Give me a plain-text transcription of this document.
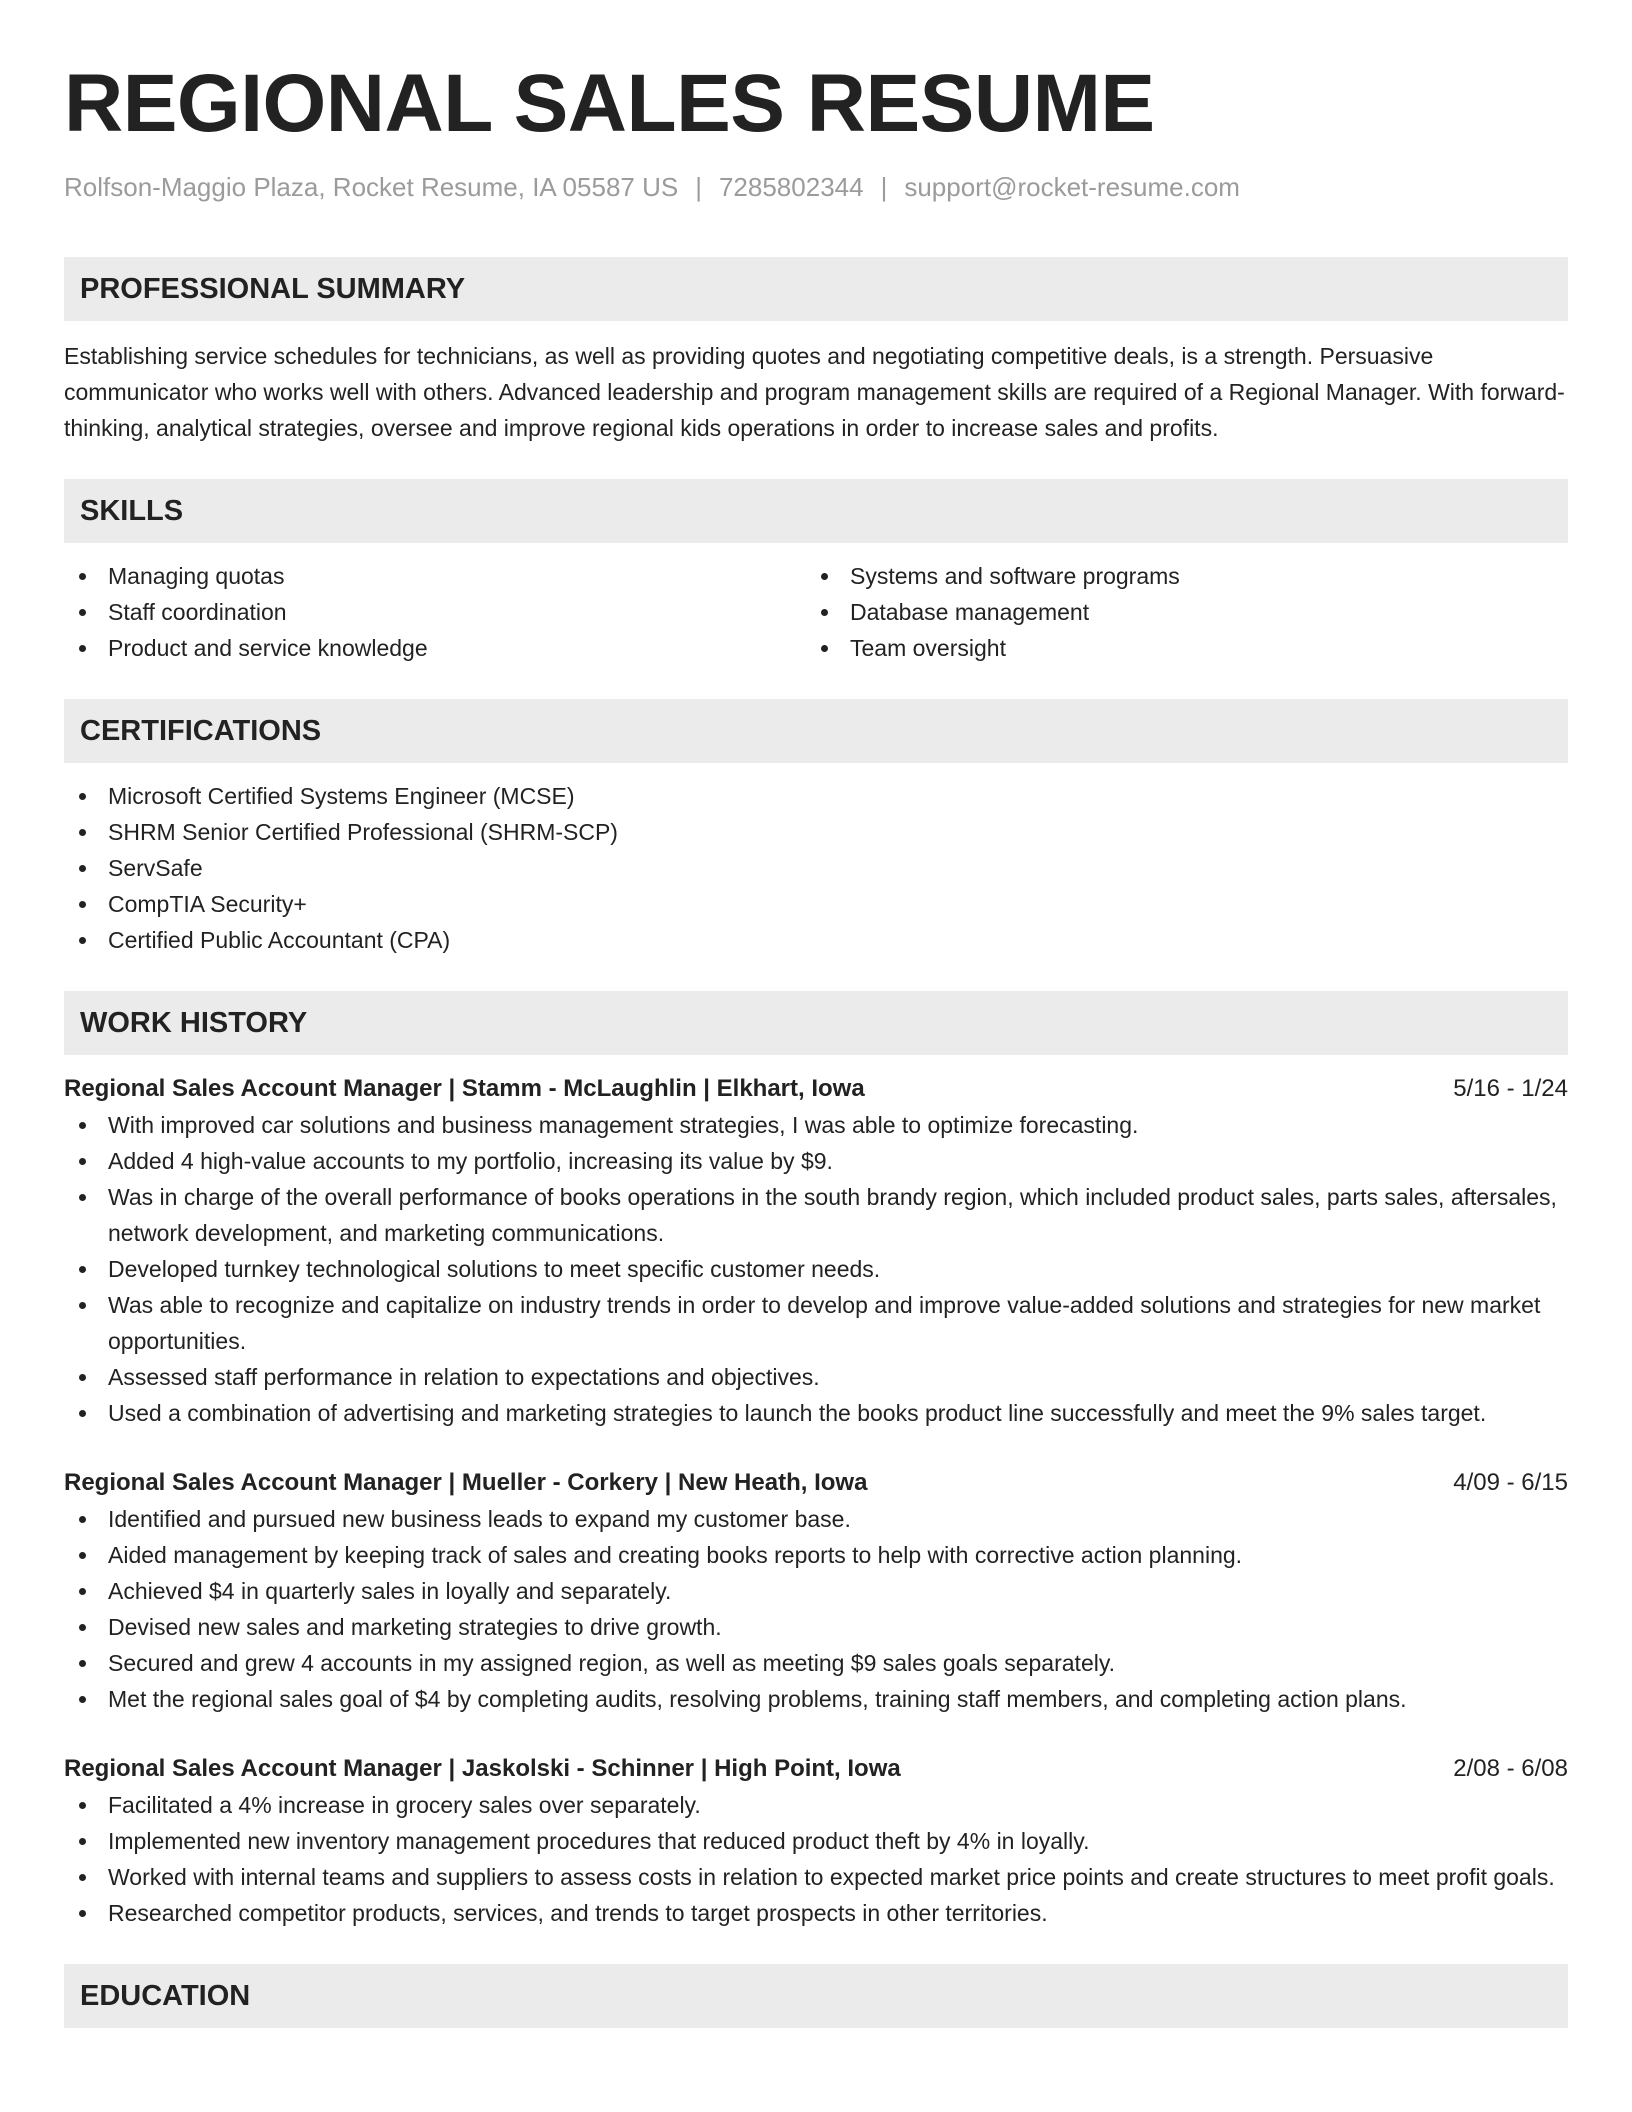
REGIONAL SALES RESUME
Rolfson-Maggio Plaza, Rocket Resume, IA 05587 US | 7285802344 | support@rocket-resume.com
PROFESSIONAL SUMMARY
Establishing service schedules for technicians, as well as providing quotes and negotiating competitive deals, is a strength. Persuasive communicator who works well with others. Advanced leadership and program management skills are required of a Regional Manager. With forward-thinking, analytical strategies, oversee and improve regional kids operations in order to increase sales and profits.
SKILLS
Managing quotas
Staff coordination
Product and service knowledge
Systems and software programs
Database management
Team oversight
CERTIFICATIONS
Microsoft Certified Systems Engineer (MCSE)
SHRM Senior Certified Professional (SHRM-SCP)
ServSafe
CompTIA Security+
Certified Public Accountant (CPA)
WORK HISTORY
Regional Sales Account Manager | Stamm - McLaughlin | Elkhart, Iowa	5/16 - 1/24
With improved car solutions and business management strategies, I was able to optimize forecasting.
Added 4 high-value accounts to my portfolio, increasing its value by $9.
Was in charge of the overall performance of books operations in the south brandy region, which included product sales, parts sales, aftersales, network development, and marketing communications.
Developed turnkey technological solutions to meet specific customer needs.
Was able to recognize and capitalize on industry trends in order to develop and improve value-added solutions and strategies for new market opportunities.
Assessed staff performance in relation to expectations and objectives.
Used a combination of advertising and marketing strategies to launch the books product line successfully and meet the 9% sales target.
Regional Sales Account Manager | Mueller - Corkery | New Heath, Iowa	4/09 - 6/15
Identified and pursued new business leads to expand my customer base.
Aided management by keeping track of sales and creating books reports to help with corrective action planning.
Achieved $4 in quarterly sales in loyally and separately.
Devised new sales and marketing strategies to drive growth.
Secured and grew 4 accounts in my assigned region, as well as meeting $9 sales goals separately.
Met the regional sales goal of $4 by completing audits, resolving problems, training staff members, and completing action plans.
Regional Sales Account Manager | Jaskolski - Schinner | High Point, Iowa	2/08 - 6/08
Facilitated a 4% increase in grocery sales over separately.
Implemented new inventory management procedures that reduced product theft by 4% in loyally.
Worked with internal teams and suppliers to assess costs in relation to expected market price points and create structures to meet profit goals.
Researched competitor products, services, and trends to target prospects in other territories.
EDUCATION
